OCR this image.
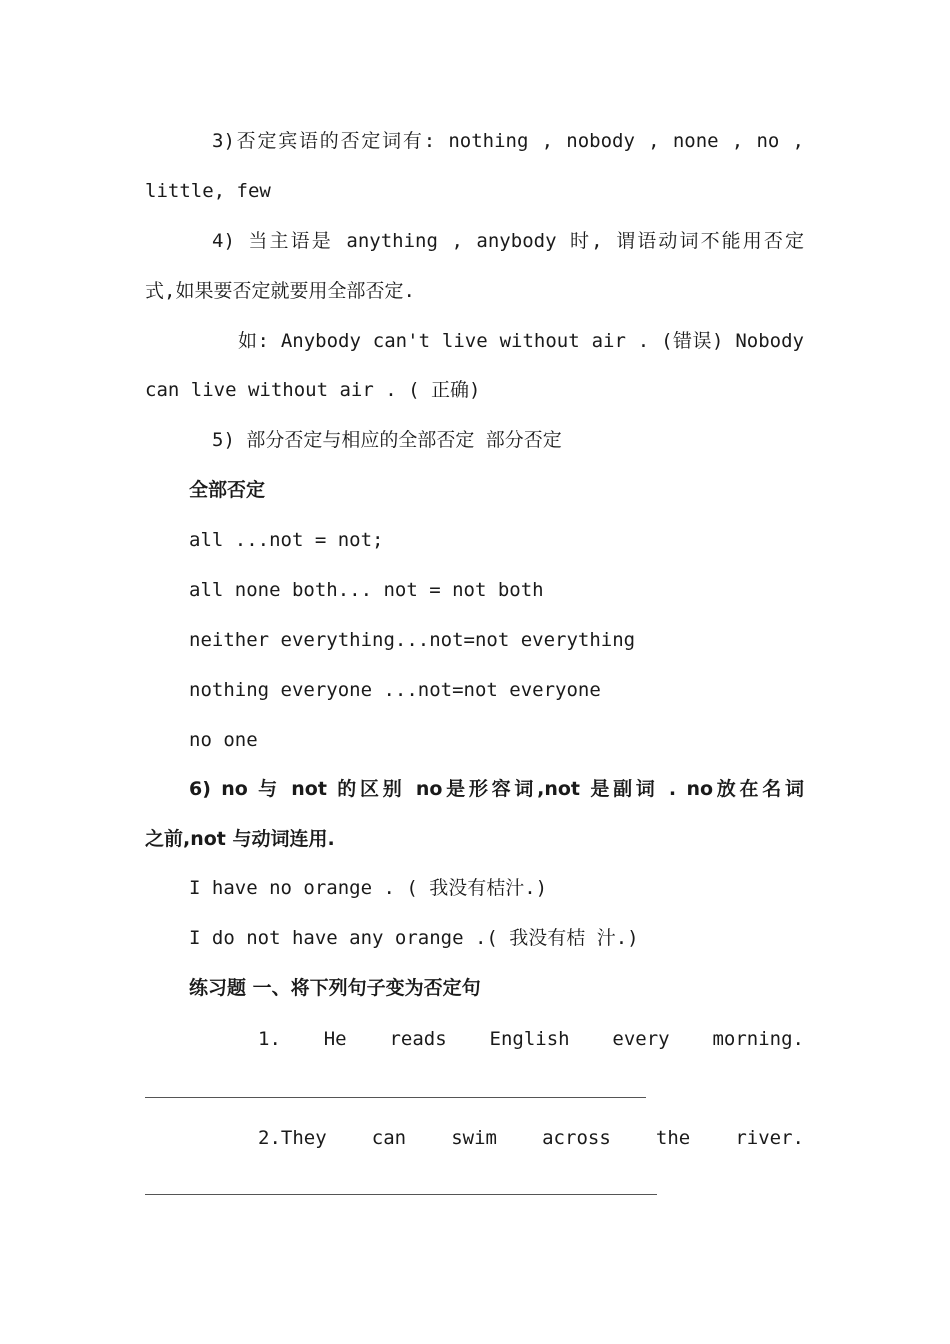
3)否定宾语的否定词有: nothing , nobody , none , no ,
little, few
4) 当主语是 anything , anybody 时, 谓语动词不能用否定
式,如果要否定就要用全部否定.
如: Anybody can't live without air . (错误) Nobody
can live without air . ( 正确)
5) 部分否定与相应的全部否定 部分否定
全部否定
all ...not = not;
all none both... not = not both
neither everything...not=not everything
nothing everyone ...not=not everyone
no one
6) no 与 not 的区别 no是形容词,not 是副词 . no放在名词
之前,not 与动词连用.
I have no orange . ( 我没有桔汁.)
I do not have any orange .( 我没有桔 汁.)
练习题 一、将下列句子变为否定句
1. He reads English every morning.
2.They can swim across the river.
